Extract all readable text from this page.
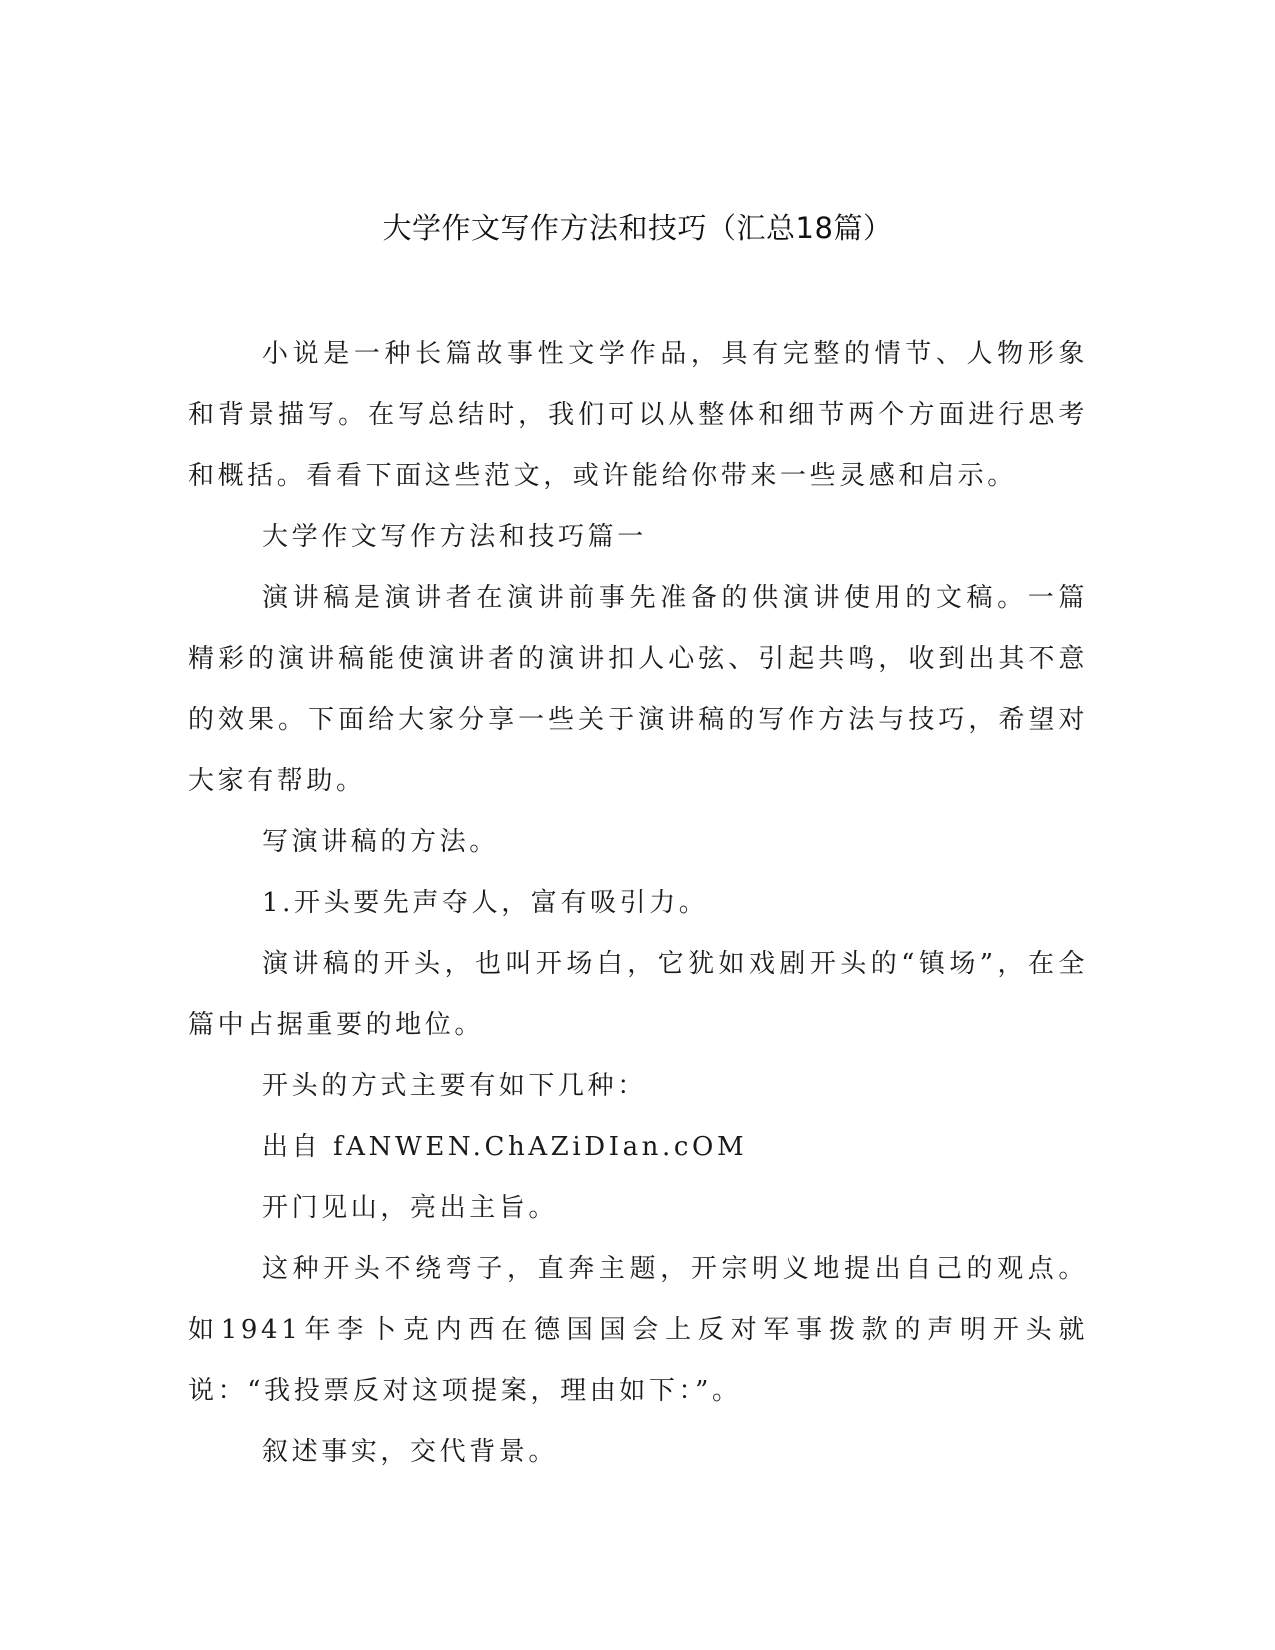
大学作文写作方法和技巧（汇总18篇）

小说是一种长篇故事性文学作品，具有完整的情节、人物形象和背景描写。在写总结时，我们可以从整体和细节两个方面进行思考和概括。看看下面这些范文，或许能给你带来一些灵感和启示。

大学作文写作方法和技巧篇一

演讲稿是演讲者在演讲前事先准备的供演讲使用的文稿。一篇精彩的演讲稿能使演讲者的演讲扣人心弦、引起共鸣，收到出其不意的效果。下面给大家分享一些关于演讲稿的写作方法与技巧，希望对大家有帮助。

写演讲稿的方法。

1.开头要先声夺人，富有吸引力。

演讲稿的开头，也叫开场白，它犹如戏剧开头的“镇场”，在全篇中占据重要的地位。

开头的方式主要有如下几种：

出自 fANWEN.ChAZiDIan.cOM

开门见山，亮出主旨。

这种开头不绕弯子，直奔主题，开宗明义地提出自己的观点。如1941年李卜克内西在德国国会上反对军事拨款的声明开头就说：“我投票反对这项提案，理由如下：”。

叙述事实，交代背景。
